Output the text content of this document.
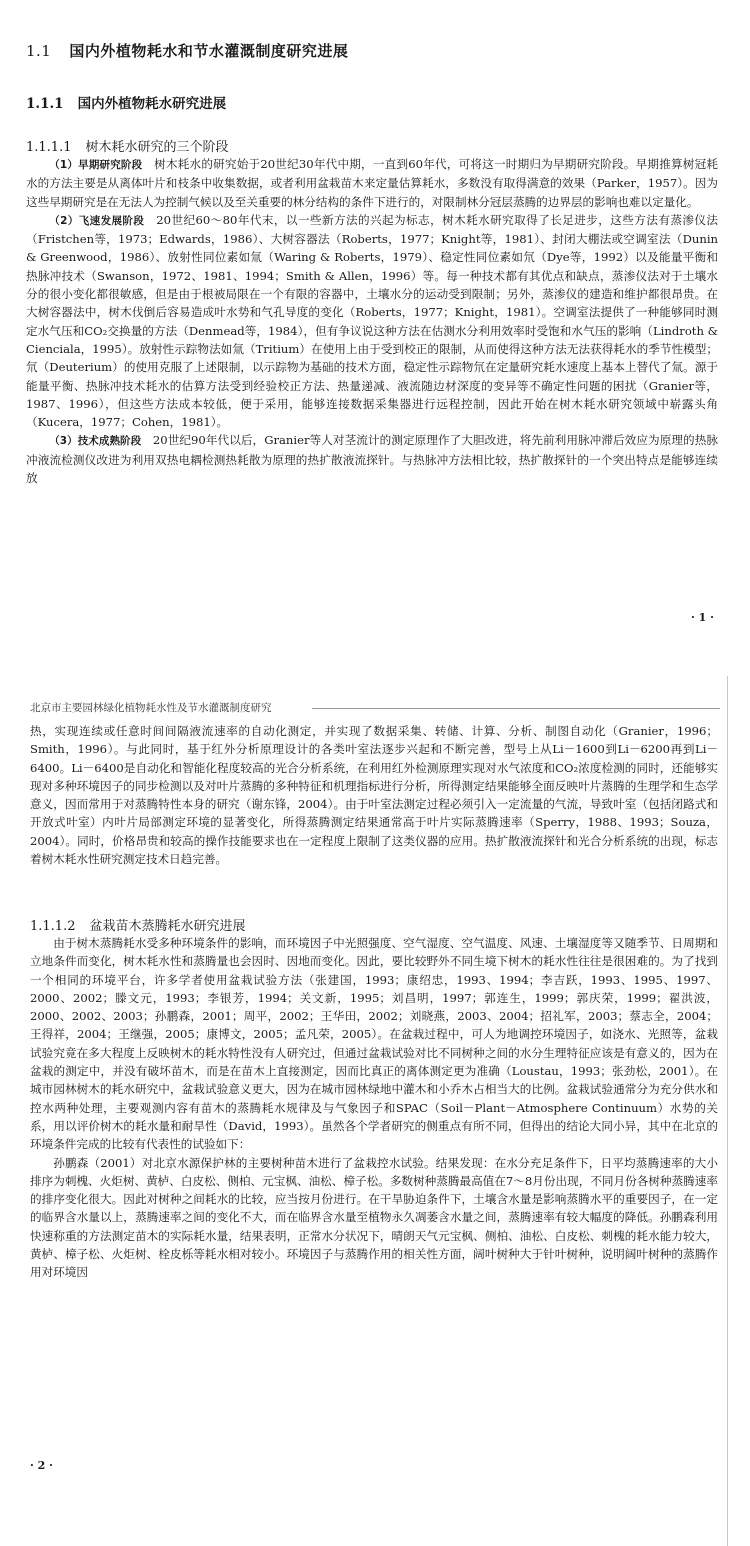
1.1 国内外植物耗水和节水灌溉制度研究进展
1.1.1 国内外植物耗水研究进展
1.1.1.1 树木耗水研究的三个阶段

（1）早期研究阶段　 树木耗水的研究始于20世纪30年代中期，一直到60年代，可将这一时期归为早期研究阶段。早期推算树冠耗水的方法主要是从离体叶片和枝条中收集数据，或者利用盆栽苗木来定量估算耗水，多数没有取得满意的效果（Parker，1957）。因为这些早期研究是在无法人为控制气候以及至关重要的林分结构的条件下进行的，对限制林分冠层蒸腾的边界层的影响也难以定量化。

（2）飞速发展阶段　 20世纪60～80年代末，以一些新方法的兴起为标志，树木耗水研究取得了长足进步，这些方法有蒸渗仪法（Fristchen等，1973；Edwards，1986）、大树容器法（Roberts，1977；Knight等，1981）、封闭大棚法或空调室法（Dunin & Greenwood，1986）、放射性同位素如氚（Waring & Roberts，1979）、稳定性同位素如氘（Dye等，1992）以及能量平衡和热脉冲技术（Swanson，1972、1981、1994；Smith & Allen，1996）等。每一种技术都有其优点和缺点，蒸渗仪法对于土壤水分的很小变化都很敏感，但是由于根被局限在一个有限的容器中，土壤水分的运动受到限制；另外，蒸渗仪的建造和维护都很昂贵。在大树容器法中，树木伐倒后容易造成叶水势和气孔导度的变化（Roberts，1977；Knight，1981）。空调室法提供了一种能够同时测定水气压和CO₂交换量的方法（Denmead等，1984），但有争议说这种方法在估测水分利用效率时受饱和水气压的影响（Lindroth & Cienciala，1995）。放射性示踪物法如氚（Tritium）在使用上由于受到校正的限制，从而使得这种方法无法获得耗水的季节性模型；氘（Deuterium）的使用克服了上述限制，以示踪物为基础的技术方面，稳定性示踪物氘在定量研究耗水速度上基本上替代了氚。源于能量平衡、热脉冲技术耗水的估算方法受到经验校正方法、热量递减、液流随边材深度的变异等不确定性问题的困扰（Granier等，1987、1996），但这些方法成本较低，便于采用，能够连接数据采集器进行远程控制，因此开始在树木耗水研究领域中崭露头角（Kucera，1977；Cohen，1981）。

（3）技术成熟阶段　 20世纪90年代以后，Granier等人对茎流计的测定原理作了大胆改进，将先前利用脉冲滞后效应为原理的热脉冲液流检测仪改进为利用双热电耦检测热耗散为原理的热扩散液流探针。与热脉冲方法相比较，热扩散探针的一个突出特点是能够连续放

· 1 ·
北京市主要园林绿化植物耗水性及节水灌溉制度研究

热，实现连续或任意时间间隔液流速率的自动化测定，并实现了数据采集、转储、计算、分析、制图自动化（Granier，1996；Smith，1996）。与此同时，基于红外分析原理设计的各类叶室法逐步兴起和不断完善，型号上从Li－1600到Li－6200再到Li－6400。Li－6400是自动化和智能化程度较高的光合分析系统，在利用红外检测原理实现对水气浓度和CO₂浓度检测的同时，还能够实现对多种环境因子的同步检测以及对叶片蒸腾的多种特征和机理指标进行分析，所得测定结果能够全面反映叶片蒸腾的生理学和生态学意义，因而常用于对蒸腾特性本身的研究（谢东锋，2004）。由于叶室法测定过程必须引入一定流量的气流，导致叶室（包括闭路式和开放式叶室）内叶片局部测定环境的显著变化，所得蒸腾测定结果通常高于叶片实际蒸腾速率（Sperry，1988、1993；Souza，2004）。同时，价格昂贵和较高的操作技能要求也在一定程度上限制了这类仪器的应用。热扩散液流探针和光合分析系统的出现，标志着树木耗水性研究测定技术日趋完善。

1.1.1.2 盆栽苗木蒸腾耗水研究进展

由于树木蒸腾耗水受多种环境条件的影响，而环境因子中光照强度、空气湿度、空气温度、风速、土壤湿度等又随季节、日周期和立地条件而变化，树木耗水性和蒸腾量也会因时、因地而变化。因此，要比较野外不同生境下树木的耗水性往往是很困难的。为了找到一个相同的环境平台，许多学者使用盆栽试验方法（张建国，1993；康绍忠，1993、1994；李吉跃，1993、1995、1997、2000、2002；滕文元，1993；李银芳，1994；关文新，1995；刘昌明，1997；郭连生，1999；郭庆荣，1999；翟洪波，2000、2002、2003；孙鹏森，2001；周平，2002；王华田，2002；刘晓燕，2003、2004；招礼军，2003；蔡志全，2004；王得祥，2004；王继强，2005；康博文，2005；孟凡荣，2005）。在盆栽过程中，可人为地调控环境因子，如浇水、光照等，盆栽试验究竟在多大程度上反映树木的耗水特性没有人研究过，但通过盆栽试验对比不同树种之间的水分生理特征应该是有意义的，因为在盆栽的测定中，并没有破坏苗木，而是在苗木上直接测定，因而比真正的离体测定更为准确（Loustau，1993；张劲松，2001）。在城市园林树木的耗水研究中，盆栽试验意义更大，因为在城市园林绿地中灌木和小乔木占相当大的比例。盆栽试验通常分为充分供水和控水两种处理，主要观测内容有苗木的蒸腾耗水规律及与气象因子和SPAC（Soil－Plant－Atmosphere Continuum）水势的关系，用以评价树木的耗水量和耐旱性（David，1993）。虽然各个学者研究的侧重点有所不同，但得出的结论大同小异，其中在北京的环境条件完成的比较有代表性的试验如下：

孙鹏森（2001）对北京水源保护林的主要树种苗木进行了盆栽控水试验。结果发现：在水分充足条件下，日平均蒸腾速率的大小排序为刺槐、火炬树、黄栌、白皮松、侧柏、元宝枫、油松、樟子松。多数树种蒸腾最高值在7～8月份出现，不同月份各树种蒸腾速率的排序变化很大。因此对树种之间耗水的比较，应当按月份进行。在干旱胁迫条件下，土壤含水量是影响蒸腾水平的重要因子，在一定的临界含水量以上，蒸腾速率之间的变化不大，而在临界含水量至植物永久凋萎含水量之间，蒸腾速率有较大幅度的降低。孙鹏森利用快速称重的方法测定苗木的实际耗水量，结果表明，正常水分状况下，晴朗天气元宝枫、侧柏、油松、白皮松、刺槐的耗水能力较大，黄栌、樟子松、火炬树、栓皮栎等耗水相对较小。环境因子与蒸腾作用的相关性方面，阔叶树种大于针叶树种，说明阔叶树种的蒸腾作用对环境因

· 2 ·
